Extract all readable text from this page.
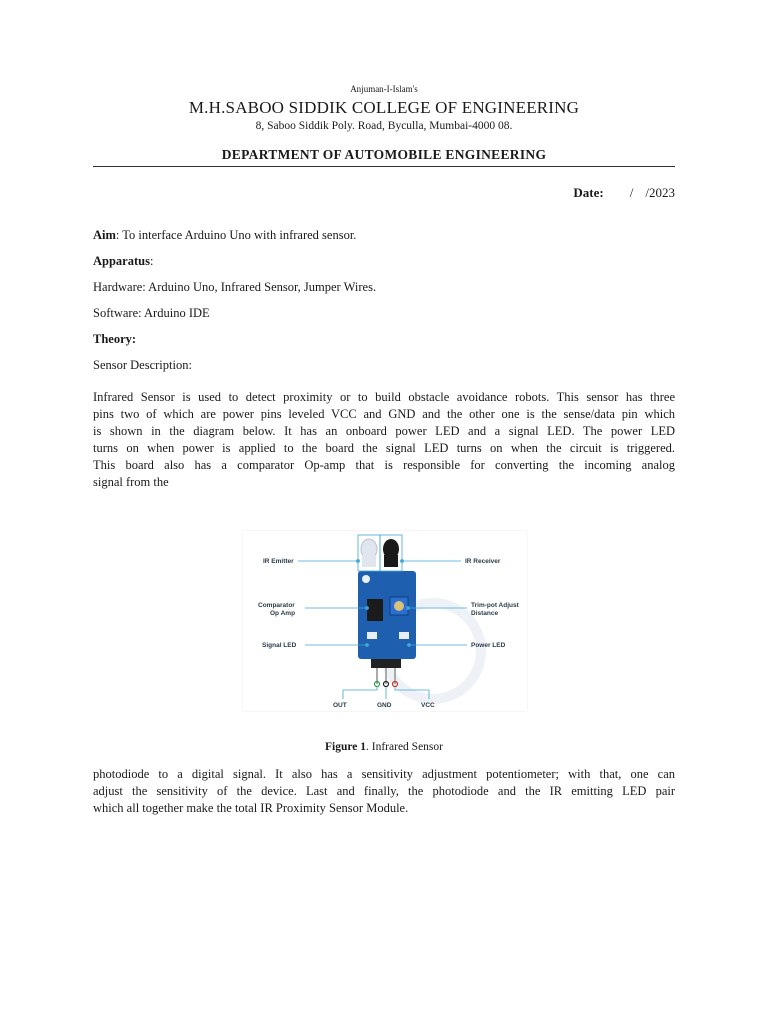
Anjuman-I-Islam's
M.H.SABOO SIDDIK COLLEGE OF ENGINEERING
8, Saboo Siddik Poly. Road, Byculla, Mumbai-4000 08.
DEPARTMENT OF AUTOMOBILE ENGINEERING
Date: / /2023
Aim: To interface Arduino Uno with infrared sensor.
Apparatus:
Hardware: Arduino Uno, Infrared Sensor, Jumper Wires.
Software: Arduino IDE
Theory:
Sensor Description:
Infrared Sensor is used to detect proximity or to build obstacle avoidance robots. This sensor has three
pins two of which are power pins leveled VCC and GND and the other one is the sense/data pin which
is shown in the diagram below. It has an onboard power LED and a signal LED. The power LED
turns on when power is applied to the board the signal LED turns on when the circuit is triggered.
This board also has a comparator Op-amp that is responsible for converting the incoming analog
signal from the
IR Emitter	IR Receiver
Comparator
Op Amp
Trim-pot Adjust
Distance
Signal LED	Power LED
OUT	GND	VCC
Figure 1. Infrared Sensor
photodiode to a digital signal. It also has a sensitivity adjustment potentiometer; with that, one can
adjust the sensitivity of the device. Last and finally, the photodiode and the IR emitting LED pair
which all together make the total IR Proximity Sensor Module.
